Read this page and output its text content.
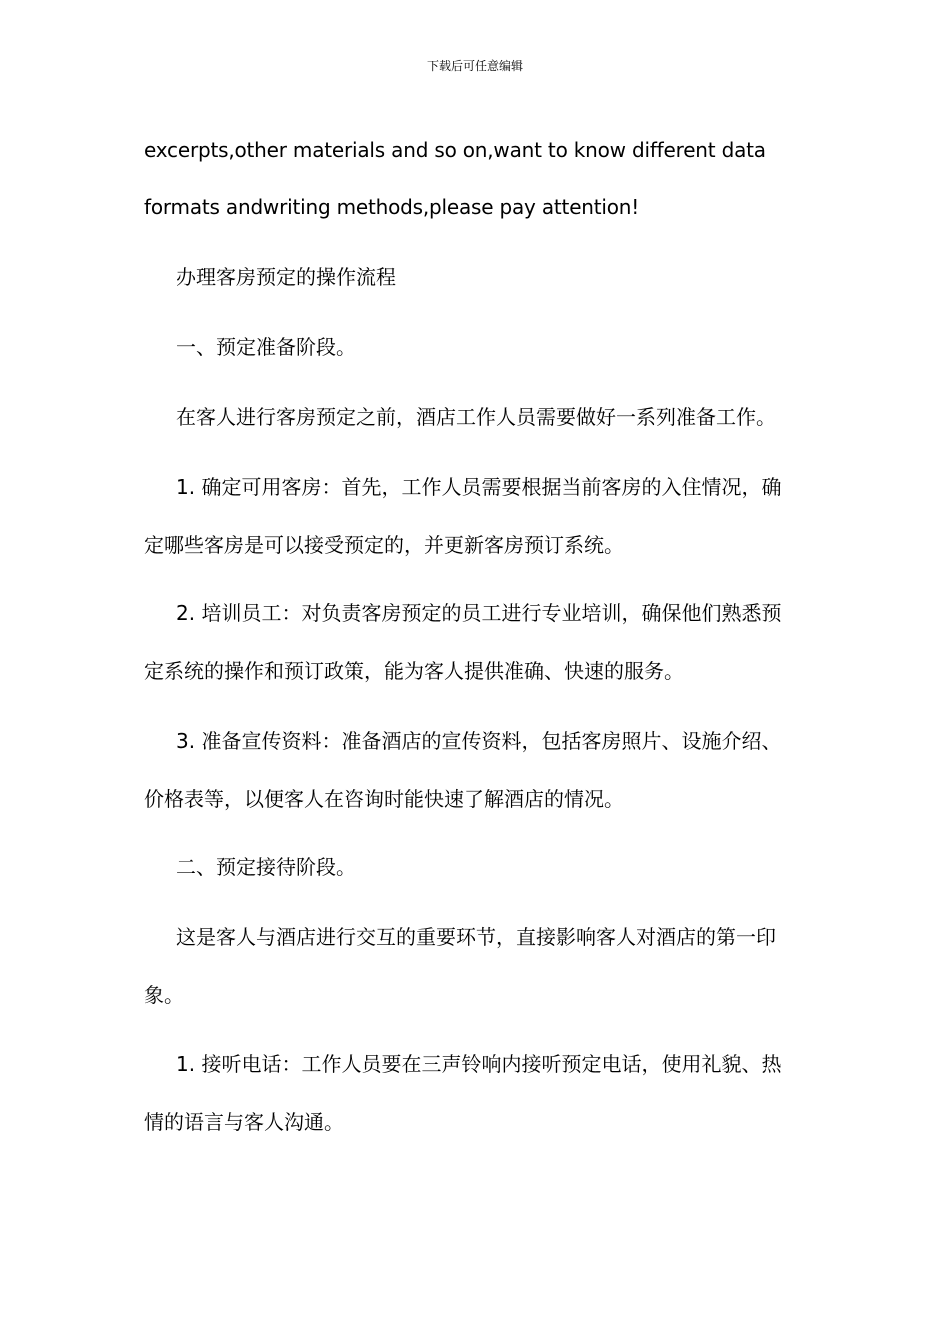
下载后可任意编辑
excerpts,other materials and so on,want to know different data
formats andwriting methods,please pay attention!
办理客房预定的操作流程
一、预定准备阶段。
在客人进行客房预定之前，酒店工作人员需要做好一系列准备工作。
1. 确定可用客房：首先，工作人员需要根据当前客房的入住情况，确
定哪些客房是可以接受预定的，并更新客房预订系统。
2. 培训员工：对负责客房预定的员工进行专业培训，确保他们熟悉预
定系统的操作和预订政策，能为客人提供准确、快速的服务。
3. 准备宣传资料：准备酒店的宣传资料，包括客房照片、设施介绍、
价格表等，以便客人在咨询时能快速了解酒店的情况。
二、预定接待阶段。
这是客人与酒店进行交互的重要环节，直接影响客人对酒店的第一印
象。
1. 接听电话：工作人员要在三声铃响内接听预定电话，使用礼貌、热
情的语言与客人沟通。
